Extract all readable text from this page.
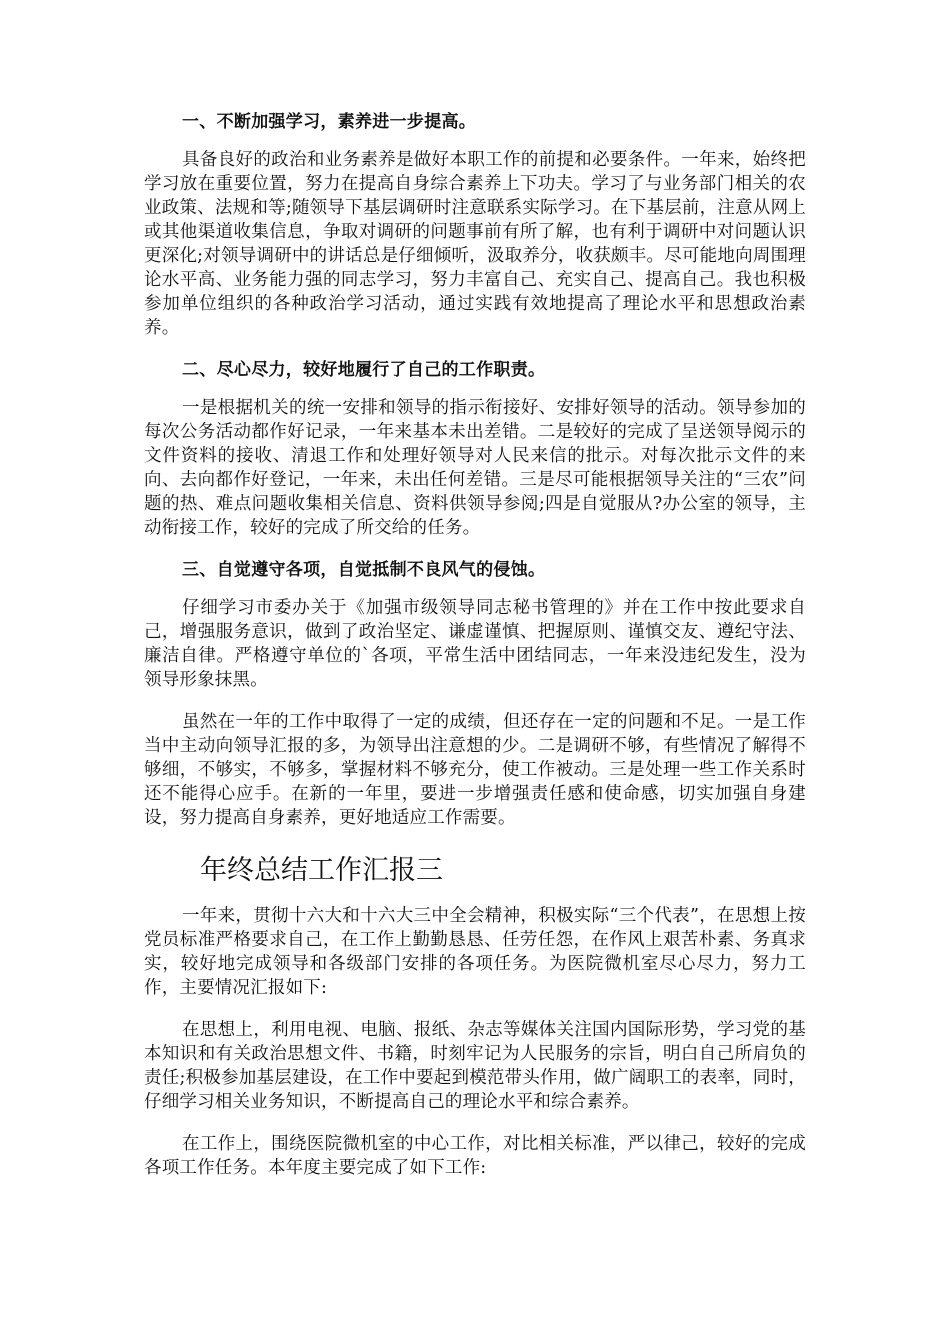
一、不断加强学习，素养进一步提高。

具备良好的政治和业务素养是做好本职工作的前提和必要条件。一年来，始终把学习放在重要位置，努力在提高自身综合素养上下功夫。学习了与业务部门相关的农业政策、法规和等;随领导下基层调研时注意联系实际学习。在下基层前，注意从网上或其他渠道收集信息，争取对调研的问题事前有所了解，也有利于调研中对问题认识更深化;对领导调研中的讲话总是仔细倾听，汲取养分，收获颇丰。尽可能地向周围理论水平高、业务能力强的同志学习，努力丰富自己、充实自己、提高自己。我也积极参加单位组织的各种政治学习活动，通过实践有效地提高了理论水平和思想政治素养。

二、尽心尽力，较好地履行了自己的工作职责。

一是根据机关的统一安排和领导的指示衔接好、安排好领导的活动。领导参加的每次公务活动都作好记录，一年来基本未出差错。二是较好的完成了呈送领导阅示的文件资料的接收、清退工作和处理好领导对人民来信的批示。对每次批示文件的来向、去向都作好登记，一年来，未出任何差错。三是尽可能根据领导关注的“三农”问题的热、难点问题收集相关信息、资料供领导参阅;四是自觉服从?办公室的领导，主动衔接工作，较好的完成了所交给的任务。

三、自觉遵守各项，自觉抵制不良风气的侵蚀。

仔细学习市委办关于《加强市级领导同志秘书管理的》并在工作中按此要求自己，增强服务意识，做到了政治坚定、谦虚谨慎、把握原则、谨慎交友、遵纪守法、廉洁自律。严格遵守单位的`各项，平常生活中团结同志，一年来没违纪发生，没为领导形象抹黑。

虽然在一年的工作中取得了一定的成绩，但还存在一定的问题和不足。一是工作当中主动向领导汇报的多，为领导出注意想的少。二是调研不够，有些情况了解得不够细，不够实，不够多，掌握材料不够充分，使工作被动。三是处理一些工作关系时还不能得心应手。在新的一年里，要进一步增强责任感和使命感，切实加强自身建设，努力提高自身素养，更好地适应工作需要。

年终总结工作汇报三

一年来，贯彻十六大和十六大三中全会精神，积极实际“三个代表”，在思想上按党员标准严格要求自己，在工作上勤勤恳恳、任劳任怨，在作风上艰苦朴素、务真求实，较好地完成领导和各级部门安排的各项任务。为医院微机室尽心尽力，努力工作，主要情况汇报如下:

在思想上，利用电视、电脑、报纸、杂志等媒体关注国内国际形势，学习党的基本知识和有关政治思想文件、书籍，时刻牢记为人民服务的宗旨，明白自己所肩负的责任;积极参加基层建设，在工作中要起到模范带头作用，做广阔职工的表率，同时，仔细学习相关业务知识，不断提高自己的理论水平和综合素养。

在工作上，围绕医院微机室的中心工作，对比相关标准，严以律己，较好的完成各项工作任务。本年度主要完成了如下工作:
